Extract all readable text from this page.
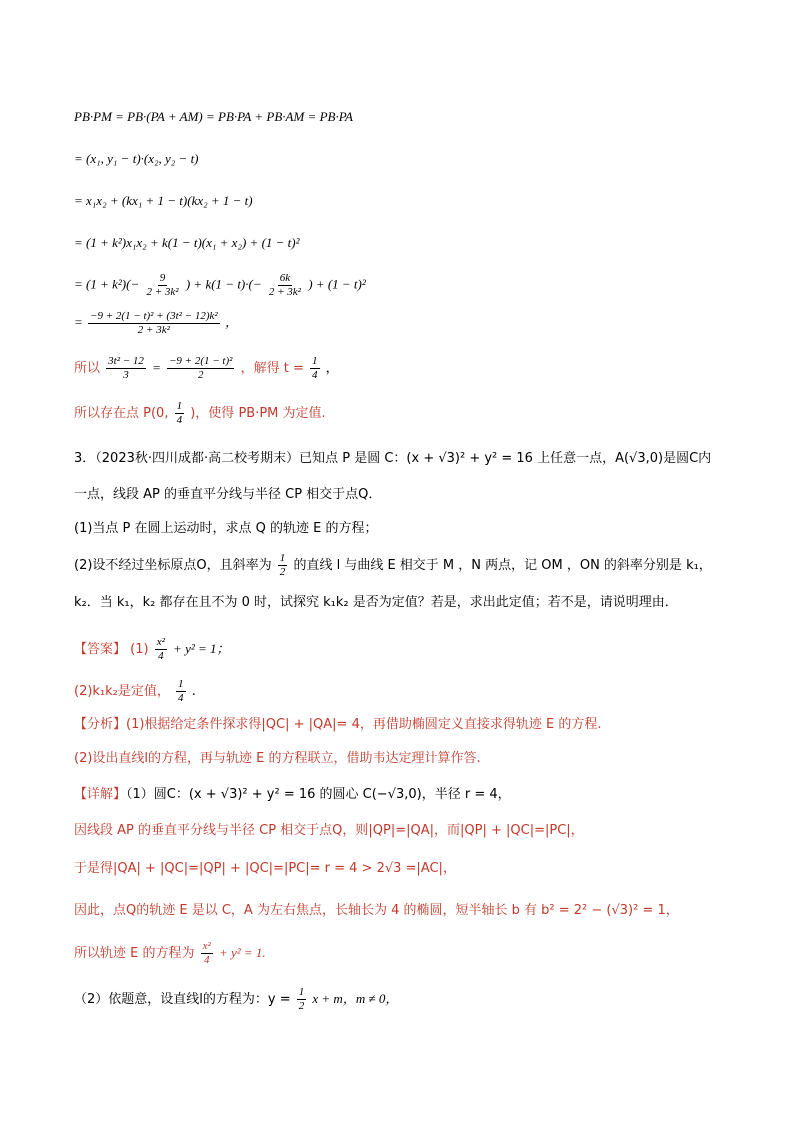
PB·PM = PB·(PA + AM) = PB·PA + PB·AM = PB·PA
= (x₁, y₁ − t)·(x₂, y₂ − t)
= x₁x₂ + (kx₁ + 1 − t)(kx₂ + 1 − t)
= (1 + k²)x₁x₂ + k(1 − t)(x₁ + x₂) + (1 − t)²
= $(1 + k^2)(- \frac{9}{\text{2 + 3k²}}$ ) + $k(1 - t)\cdot(- \frac{6k}{\text{2 + 3k²}}$ ) + (1 − t)²
= $\frac{\text{−9 + 2(1 − t)² + (3t² − 12)k²}}{\text{2 + 3k²}}$ ，
所以 $\frac{\text{3t² − 12}}{3} = \frac{\text{−9 + 2(1 − t)²}}{2}$ ，解得 $t = \frac{1}{4}$ ，
所以存在点 P(0, $\frac{1}{4}$ )，使得 PB·PM 为定值.
3．（2023秋·四川成都·高二校考期末）已知点 P 是圆 C：(x + √3)² + y² = 16 上任意一点，A(√3,0)是圆C内
一点，线段 AP 的垂直平分线与半径 CP 相交于点Q．
(1)当点 P 在圆上运动时，求点 Q 的轨迹 E 的方程；
(2)设不经过坐标原点O，且斜率为 $\frac{1}{2}$ 的直线 l 与曲线 E 相交于 M ，N 两点，记 OM ，ON 的斜率分别是 k₁，
k₂．当 k₁，k₂ 都存在且不为 0 时，试探究 k₁k₂ 是否为定值？若是，求出此定值；若不是，请说明理由．
【答案】 $(1) \frac{\text{x²}}{4} + y^2 = 1$；
(2)k₁k₂是定值， $\frac{1}{4}$ .
【分析】(1)根据给定条件探求得|QC| + |QA|= 4，再借助椭圆定义直接求得轨迹 E 的方程.
(2)设出直线l的方程，再与轨迹 E 的方程联立，借助韦达定理计算作答.
【详解】（1）圆C：(x + √3)² + y² = 16 的圆心 C(−√3,0)，半径 r = 4，
因线段 AP 的垂直平分线与半径 CP 相交于点Q，则|QP|=|QA|，而|QP| + |QC|=|PC|，
于是得|QA| + |QC|=|QP| + |QC|=|PC|= r = 4 > 2√3 =|AC|，
因此，点Q的轨迹 E 是以 C，A 为左右焦点，长轴长为 4 的椭圆，短半轴长 b 有 b² = 2² − (√3)² = 1，
所以轨迹 E 的方程为 $\frac{\text{x²}}{4} + y^2 = 1$.
（2）依题意，设直线l的方程为：$y = \frac{1}{2}$ x + m，m ≠ 0，
